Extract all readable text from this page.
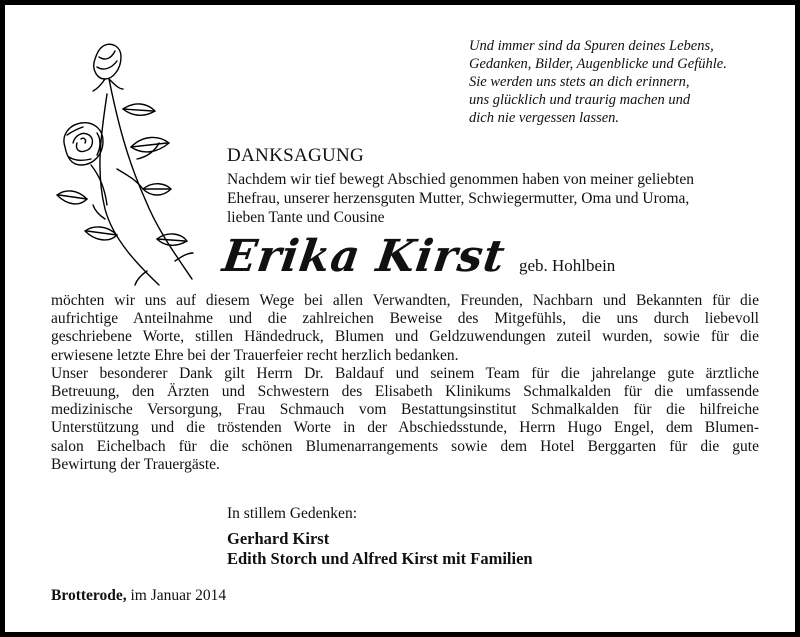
Und immer sind da Spuren deines Lebens,
Gedanken, Bilder, Augenblicke und Gefühle.
Sie werden uns stets an dich erinnern,
uns glücklich und traurig machen und
dich nie vergessen lassen.
DANKSAGUNG
Nachdem wir tief bewegt Abschied genommen haben von meiner geliebten
Ehefrau, unserer herzensguten Mutter, Schwiegermutter, Oma und Uroma,
lieben Tante und Cousine
Erika Kirst geb. Hohlbein
möchten wir uns auf diesem Wege bei allen Verwandten, Freunden, Nachbarn und Bekannten für die
aufrichtige Anteilnahme und die zahlreichen Beweise des Mitgefühls, die uns durch liebevoll
geschriebene Worte, stillen Händedruck, Blumen und Geldzuwendungen zuteil wurden, sowie für die
erwiesene letzte Ehre bei der Trauerfeier recht herzlich bedanken.
Unser besonderer Dank gilt Herrn Dr. Baldauf und seinem Team für die jahrelange gute ärztliche
Betreuung, den Ärzten und Schwestern des Elisabeth Klinikums Schmalkalden für die umfassende
medizinische Versorgung, Frau Schmauch vom Bestattungsinstitut Schmalkalden für die hilfreiche
Unterstützung und die tröstenden Worte in der Abschiedsstunde, Herrn Hugo Engel, dem Blumen-
salon Eichelbach für die schönen Blumenarrangements sowie dem Hotel Berggarten für die gute
Bewirtung der Trauergäste.
In stillem Gedenken:
Gerhard Kirst
Edith Storch und Alfred Kirst mit Familien
Brotterode, im Januar 2014
